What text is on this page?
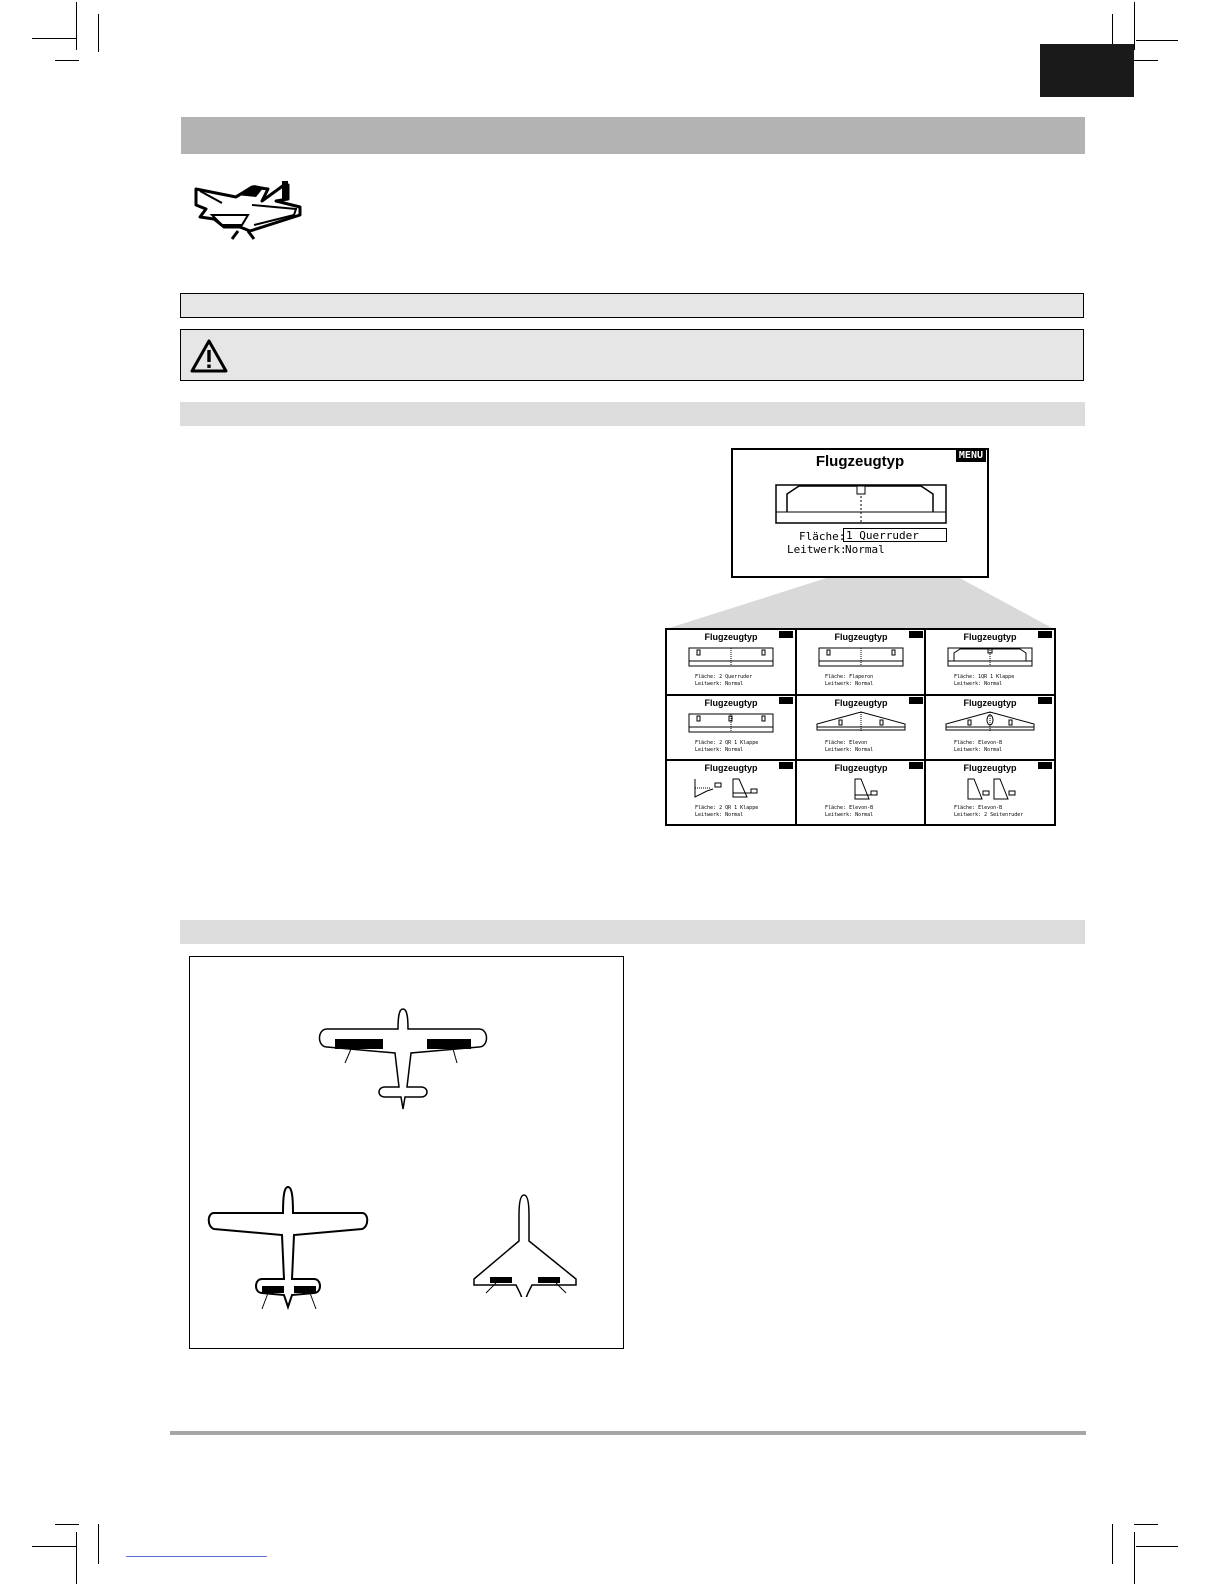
Flugzeugtyp	MENU
Fläche: 1 Querruder
Leitwerk:
Normal
Flugzeugtyp
Fläche: 2 Querruder
Leitwerk: Normal
Flugzeugtyp
Fläche: Flaperon
Leitwerk: Normal
Flugzeugtyp
Fläche: 1QR 1 Klappe
Leitwerk: Normal
Flugzeugtyp
Fläche: 2 QR 1 Klappe
Leitwerk: Normal
Flugzeugtyp
Fläche: Elevon
Leitwerk: Normal
Flugzeugtyp
Fläche: Elevon-B
Leitwerk: Normal
Flugzeugtyp
Fläche: 2 QR 1 Klappe
Leitwerk: Normal
Flugzeugtyp
Fläche: Elevon-B
Leitwerk: Normal
Flugzeugtyp
Fläche: Elevon-B
Leitwerk: 2 Seitenruder
